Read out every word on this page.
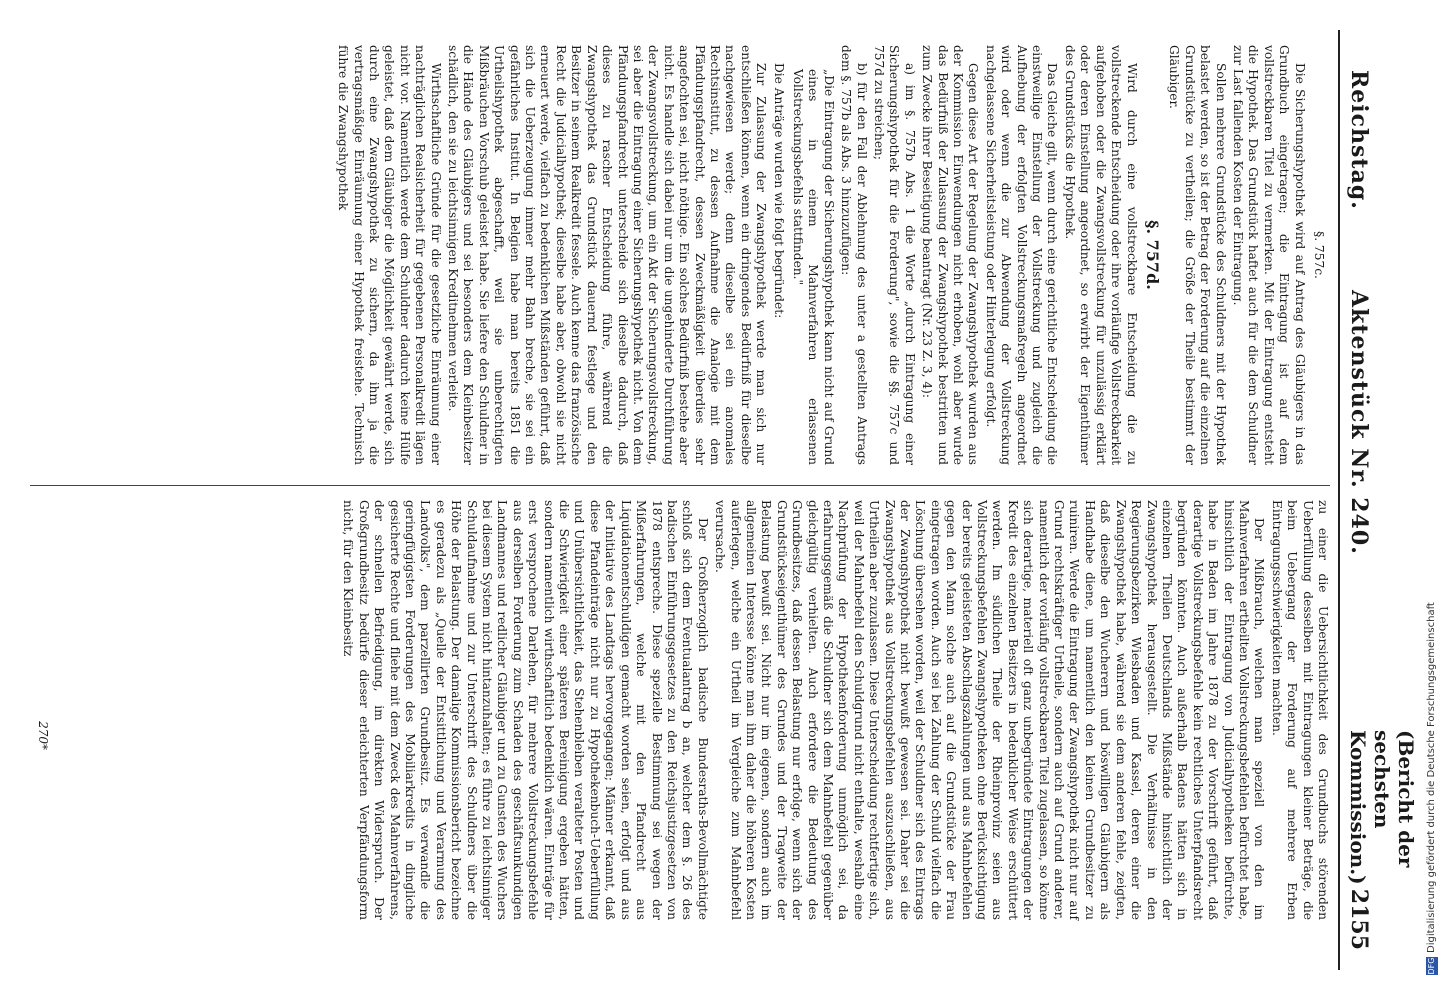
Reichstag.
Aktenstück Nr. 240.
(Bericht der sechsten Kommission.)
2155
§. 757c.

Die Sicherungshypothek wird auf Antrag des Gläubigers in das Grundbuch eingetragen; die Eintragung ist auf dem vollstreckbaren Titel zu vermerken. Mit der Eintragung entsteht die Hypothek. Das Grundstück haftet auch für die dem Schuldner zur Last fallenden Kosten der Eintragung.

Sollen mehrere Grundstücke des Schuldners mit der Hypothek belastet werden, so ist der Betrag der Forderung auf die einzelnen Grundstücke zu vertheilen; die Größe der Theile bestimmt der Gläubiger.

§. 757d.

Wird durch eine vollstreckbare Entscheidung die zu vollstreckende Entscheidung oder ihre vorläufige Vollstreckbarkeit aufgehoben oder die Zwangsvollstreckung für unzulässig erklärt oder deren Einstellung angeordnet, so erwirbt der Eigenthümer des Grundstücks die Hypothek.

Das Gleiche gilt, wenn durch eine gerichtliche Entscheidung die einstweilige Einstellung der Vollstreckung und zugleich die Aufhebung der erfolgten Vollstreckungsmaßregeln angeordnet wird oder wenn die zur Abwendung der Vollstreckung nachgelassene Sicherheitsleistung oder Hinterlegung erfolgt.

Gegen diese Art der Regelung der Zwangshypothek wurden aus der Kommission Einwendungen nicht erhoben, wohl aber wurde das Bedürfniß der Zulassung der Zwangshypothek bestritten und zum Zwecke ihrer Beseitigung beantragt (Nr. 23 Z. 3, 4):

a) im §. 757b Abs. 1 die Worte „durch Eintragung einer Sicherungshypothek für die Forderung", sowie die §§. 757c und 757d zu streichen;

b) für den Fall der Ablehnung des unter a gestellten Antrags dem §. 757b als Abs. 3 hinzuzufügen:

„Die Eintragung der Sicherungshypothek kann nicht auf Grund eines in einem Mahnverfahren erlassenen Vollstreckungsbefehls stattfinden."

Die Anträge wurden wie folgt begründet:

Zur Zulassung der Zwangshypothek werde man sich nur entschließen können, wenn ein dringendes Bedürfniß für dieselbe nachgewiesen werde; denn dieselbe sei ein anomales Rechtsinstitut, zu dessen Aufnahme die Analogie mit dem Pfändungspfandrecht, dessen Zweckmäßigkeit überdies sehr angefochten sei, nicht nöthige. Ein solches Bedürfniß bestehe aber nicht. Es handle sich dabei nur um die ungehinderte Durchführung der Zwangsvollstreckung, um ein Akt der Sicherungsvollstreckung, sei aber die Eintragung einer Sicherungshypothek nicht. Von dem Pfändungspfandrecht unterscheide sich dieselbe dadurch, daß dieses zu rascher Entscheidung führe, während die Zwangshypothek das Grundstück dauernd festlege und den Besitzer in seinem Realkredit fessele. Auch kenne das französische Recht die Judicialhypothek; dieselbe habe aber, obwohl sie nicht erneuert werde, vielfach zu bedenklichen Mißständen geführt, daß sich die Ueberzeugung immer mehr Bahn breche, sie sei ein gefährliches Institut. In Belgien habe man bereits 1851 die Urtheilshypothek abgeschafft, weil sie unberechtigten Mißbräuchen Vorschub geleistet habe. Sie liefere den Schuldner in die Hände des Gläubigers und sei besonders dem Kleinbesitzer schädlich, den sie zu leichtsinnigen Kreditnehmen verleite.

Wirthschaftliche Gründe für die gesetzliche Einräumung einer nachträglichen Realsicherheit für gegebenen Personalkredit lägen nicht vor. Namentlich werde dem Schuldner dadurch keine Hülfe geleistet, daß dem Gläubiger die Möglichkeit gewährt werde, sich durch eine Zwangshypothek zu sichern, da ihm ja die vertragsmäßige Einräumung einer Hypothek freistehe. Technisch führe die Zwangshypothek

zu einer die Uebersichtlichkeit des Grundbuchs störenden Ueberfüllung desselben mit Eintragungen kleiner Beträge, die beim Uebergang der Forderung auf mehrere Erben Eintragungsschwierigkeiten machten.

Der Mißbrauch, welchen man speziell von den im Mahnverfahren ertheilten Vollstreckungsbefehlen befürchtet habe, hinsichtlich der Eintragung von Judicialhypotheken befürchte, habe in Baden im Jahre 1878 zu der Vorschrift geführt, daß derartige Vollstreckungsbefehle kein rechtliches Unterpfandsrecht begründen könnten. Auch außerhalb Badens hätten sich in einzelnen Theilen Deutschlands Mißstände hinsichtlich der Zwangshypothek herausgestellt. Die Verhältnisse in den Regierungsbezirken Wiesbaden und Kassel, deren einer die Zwangshypothek habe, während sie dem anderen fehle, zeigten, daß dieselbe den Wucherern und böswilligen Gläubigern als Handhabe diene, um namentlich den kleinen Grundbesitzer zu ruiniren. Werde die Eintragung der Zwangshypothek nicht nur auf Grund rechtskräftiger Urtheile, sondern auch auf Grund anderer, namentlich der vorläufig vollstreckbaren Titel zugelassen, so könne sich derartige, materiell oft ganz unbegründete Eintragungen der Kredit des einzelnen Besitzers in bedenklicher Weise erschüttert werden. Im südlichen Theile der Rheinprovinz seien aus Vollstreckungsbefehlen Zwangshypotheken ohne Berücksichtigung der bereits geleisteten Abschlagszahlungen und aus Mahnbefehlen gegen den Mann solche auch auf die Grundstücke der Frau eingetragen worden. Auch sei bei Zahlung der Schuld vielfach die Löschung übersehen worden, weil der Schuldner sich des Eintrags der Zwangshypothek nicht bewußt gewesen sei. Daher sei die Zwangshypothek aus Vollstreckungsbefehlen auszuschließen, aus Urtheilen aber zuzulassen. Diese Unterscheidung rechtfertige sich, weil der Mahnbefehl den Schuldgrund nicht enthalte, weshalb eine Nachprüfung der Hypothekenforderung unmöglich sei, da erfahrungsgemäß die Schuldner sich dem Mahnbefehl gegenüber gleichgültig verhielten. Auch erfordere die Bedeutung des Grundbesitzes, daß dessen Belastung nur erfolge, wenn sich der Grundstückseigenthümer des Grundes und der Tragweite der Belastung bewußt sei. Nicht nur im eigenen, sondern auch im allgemeinen Interesse könne man ihm daher die höheren Kosten auferlegen, welche ein Urtheil im Vergleiche zum Mahnbefehl verursache.

Der Großherzoglich badische Bundesraths-Bevollmächtigte schloß sich dem Eventualantrag b an, welcher dem §. 26 des badischen Einführungsgesetzes zu den Reichsjustizgesetzen von 1878 entspreche. Diese spezielle Bestimmung sei wegen der Mißerfahrungen, welche mit den Pfandrecht aus Liquidationentschuldigen gemacht worden seien, erfolgt und aus der Initiative des Landtags hervorgegangen; Männer erkannt, daß diese Pfandeinträge nicht nur zu Hypothekenbuch-Ueberfüllung und Unübersichtlichkeit, das Stehenbleiben veralteter Posten und die Schwierigkeit einer späteren Bereinigung ergeben hätten, sondern namentlich wirthschaftlich bedenklich wären. Einträge für erst versprochene Darlehen, für mehrere Vollstreckungsbefehle aus derselben Forderung zum Schaden des geschäftsunkundigen Landmannes und redlicher Gläubiger und zu Gunsten des Wuchers bei diesem System nicht hintanzuhalten; es führe zu leichtsinniger Schuldaufnahme und zur Unterschrift des Schuldners über die Höhe der Belastung. Der damalige Kommissionsbericht bezeichne es geradezu als „Quelle der Entsittlichung und Verarmung des Landvolks", dem parzellirten Grundbesitz. Es verwandle die geringfügigsten Forderungen des Mobiliarkredits in dingliche gesicherte Rechte und fliehe mit dem Zweck des Mahnverfahrens, der schnellen Befriedigung, im direkten Widerspruch. Der Großgrundbesitz bedürfe dieser erleichterten Verpfändungsform nicht, für den Kleinbesitz

270*
DFGDigitalisierung gefördert durch die Deutsche Forschungsgemeinschaft
